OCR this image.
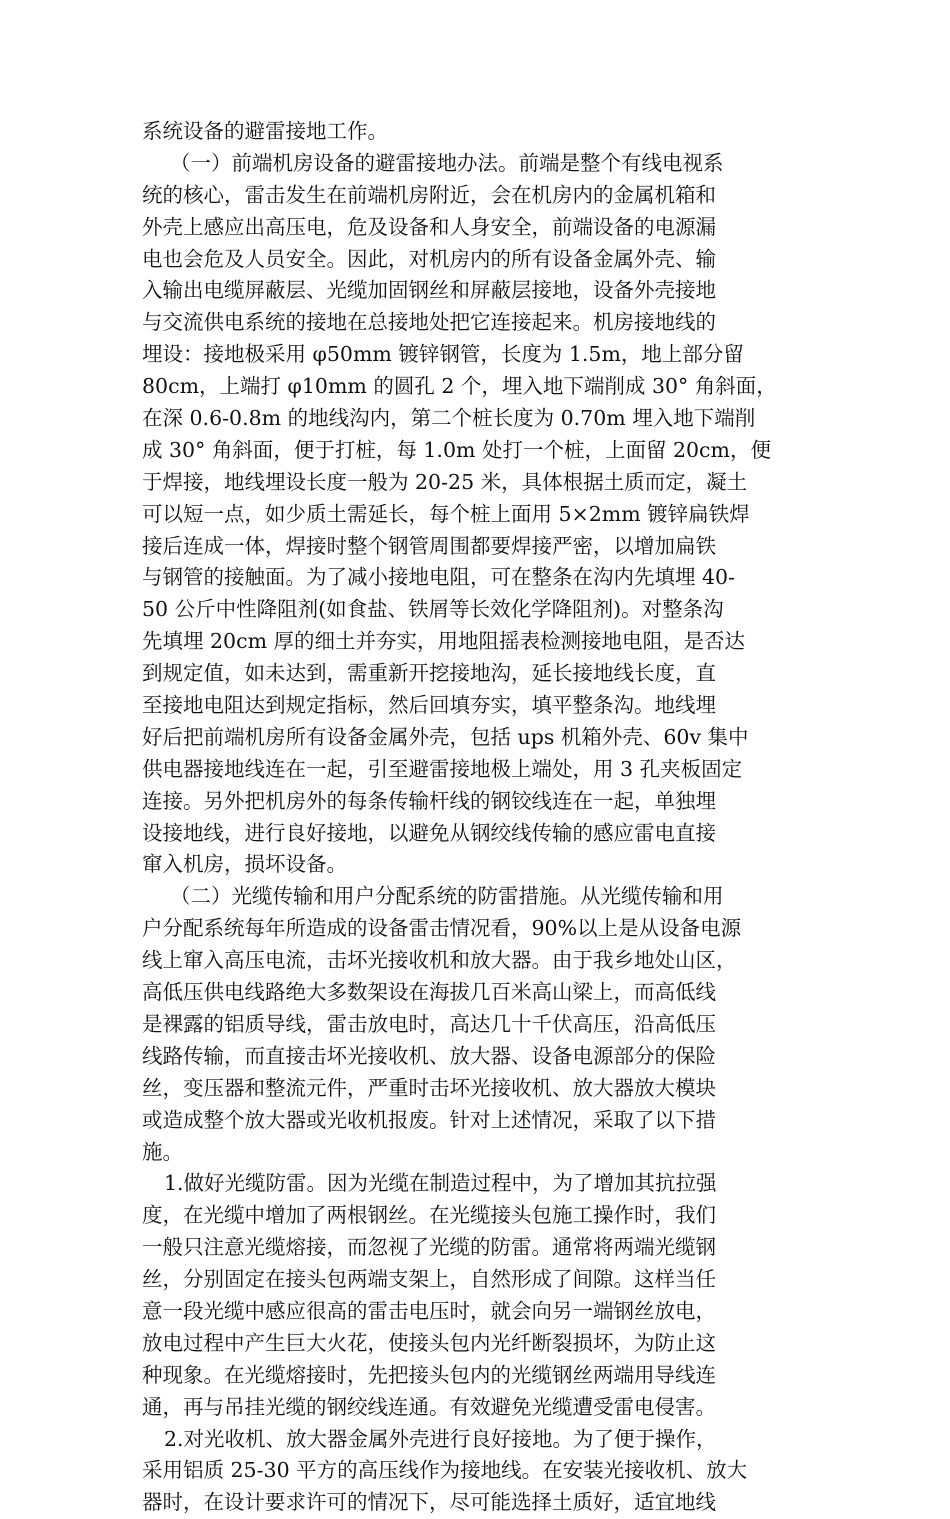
系统设备的避雷接地工作。
（一）前端机房设备的避雷接地办法。前端是整个有线电视系
统的核心，雷击发生在前端机房附近，会在机房内的金属机箱和
外壳上感应出高压电，危及设备和人身安全，前端设备的电源漏
电也会危及人员安全。因此，对机房内的所有设备金属外壳、输
入输出电缆屏蔽层、光缆加固钢丝和屏蔽层接地，设备外壳接地
与交流供电系统的接地在总接地处把它连接起来。机房接地线的
埋设：接地极采用 φ50mm 镀锌钢管，长度为 1.5m，地上部分留
80cm，上端打 φ10mm 的圆孔 2 个，埋入地下端削成 30° 角斜面，
在深 0.6-0.8m 的地线沟内，第二个桩长度为 0.70m 埋入地下端削
成 30° 角斜面，便于打桩，每 1.0m 处打一个桩，上面留 20cm，便
于焊接，地线埋设长度一般为 20-25 米，具体根据土质而定，凝土
可以短一点，如少质土需延长，每个桩上面用 5×2mm 镀锌扁铁焊
接后连成一体，焊接时整个钢管周围都要焊接严密，以增加扁铁
与钢管的接触面。为了减小接地电阻，可在整条在沟内先填埋 40-
50 公斤中性降阻剂(如食盐、铁屑等长效化学降阻剂)。对整条沟
先填埋 20cm 厚的细土并夯实，用地阻摇表检测接地电阻，是否达
到规定值，如未达到，需重新开挖接地沟，延长接地线长度，直
至接地电阻达到规定指标，然后回填夯实，填平整条沟。地线埋
好后把前端机房所有设备金属外壳，包括 ups 机箱外壳、60v 集中
供电器接地线连在一起，引至避雷接地极上端处，用 3 孔夹板固定
连接。另外把机房外的每条传输杆线的钢铰线连在一起，单独埋
设接地线，进行良好接地，以避免从钢绞线传输的感应雷电直接
窜入机房，损坏设备。
（二）光缆传输和用户分配系统的防雷措施。从光缆传输和用
户分配系统每年所造成的设备雷击情况看，90%以上是从设备电源
线上窜入高压电流，击坏光接收机和放大器。由于我乡地处山区，
高低压供电线路绝大多数架设在海拔几百米高山梁上，而高低线
是裸露的铝质导线，雷击放电时，高达几十千伏高压，沿高低压
线路传输，而直接击坏光接收机、放大器、设备电源部分的保险
丝，变压器和整流元件，严重时击坏光接收机、放大器放大模块
或造成整个放大器或光收机报废。针对上述情况，采取了以下措
施。
1.做好光缆防雷。因为光缆在制造过程中，为了增加其抗拉强
度，在光缆中增加了两根钢丝。在光缆接头包施工操作时，我们
一般只注意光缆熔接，而忽视了光缆的防雷。通常将两端光缆钢
丝，分别固定在接头包两端支架上，自然形成了间隙。这样当任
意一段光缆中感应很高的雷击电压时，就会向另一端钢丝放电，
放电过程中产生巨大火花，使接头包内光纤断裂损坏，为防止这
种现象。在光缆熔接时，先把接头包内的光缆钢丝两端用导线连
通，再与吊挂光缆的钢绞线连通。有效避免光缆遭受雷电侵害。
2.对光收机、放大器金属外壳进行良好接地。为了便于操作，
采用铝质 25-30 平方的高压线作为接地线。在安装光接收机、放大
器时，在设计要求许可的情况下，尽可能选择土质好，适宜地线
